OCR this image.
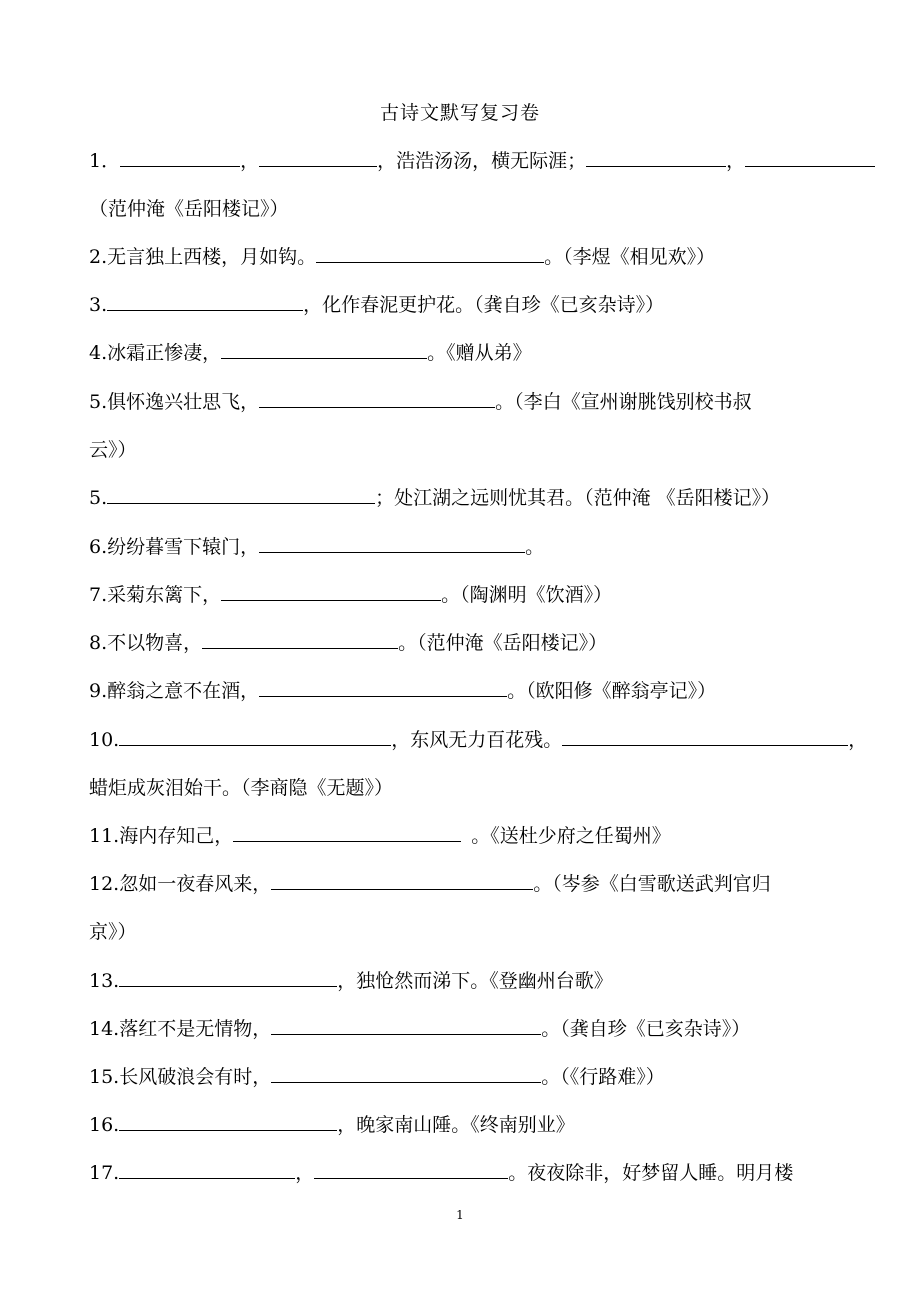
古诗文默写复习卷
1．	，	，浩浩汤汤，横无际涯；	，
（范仲淹《岳阳楼记》）
2.无言独上西楼，月如钩。	。（李煜《相见欢》）
3.	，化作春泥更护花。（龚自珍《已亥杂诗》）
4.冰霜正惨凄，	。《赠从弟》
5.俱怀逸兴壮思飞，	。（李白《宣州谢朓饯别校书叔
云》）
5.	；处江湖之远则忧其君。（范仲淹 《岳阳楼记》）
6.纷纷暮雪下辕门，	。
7.采菊东篱下，	。（陶渊明《饮酒》）
8.不以物喜，	。（范仲淹《岳阳楼记》）
9.醉翁之意不在酒，	。（欧阳修《醉翁亭记》）
10.	，东风无力百花残。	，
蜡炬成灰泪始干。（李商隐《无题》）
11.海内存知己，	。《送杜少府之任蜀州》
12.忽如一夜春风来，	。（岑参《白雪歌送武判官归
京》）
13.	，独怆然而涕下。《登幽州台歌》
14.落红不是无情物，	。（龚自珍《已亥杂诗》）
15.长风破浪会有时，	。（《行路难》）
16.	，晚家南山陲。《终南别业》
17.	，	。夜夜除非，好梦留人睡。明月楼
1
